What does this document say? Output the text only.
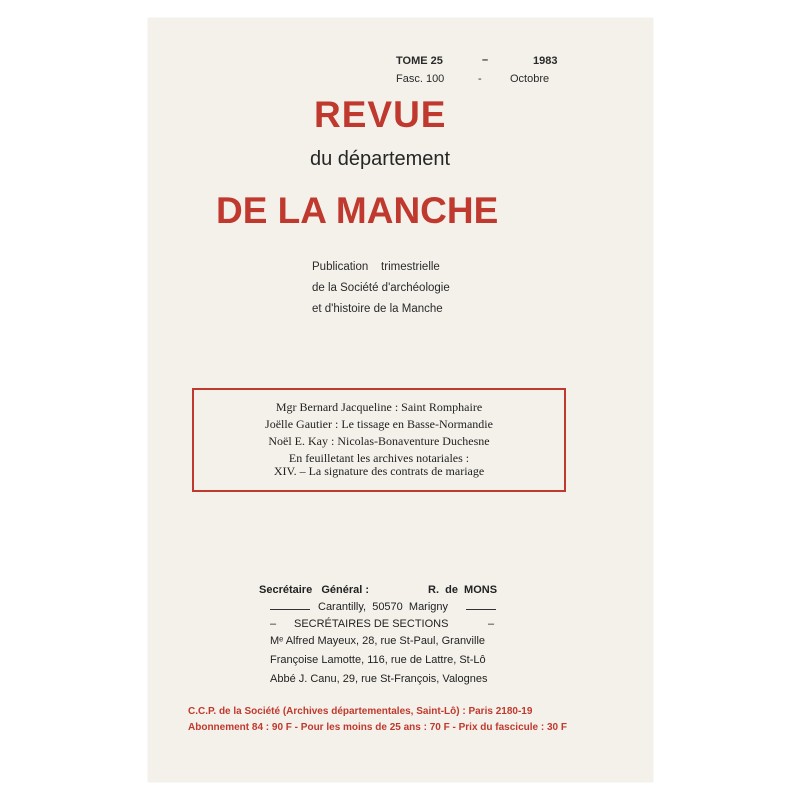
TOME 25	–	1983
Fasc. 100	-	Octobre
REVUE
du département
DE LA MANCHE
Publication    trimestrielle
de la Société d'archéologie
et d'histoire de la Manche
Mgr Bernard Jacqueline : Saint Romphaire
Joëlle Gautier : Le tissage en Basse-Normandie
Noël E. Kay : Nicolas-Bonaventure Duchesne
En feuilletant les archives notariales :
XIV. – La signature des contrats de mariage
Secrétaire   Général :	R.  de  MONS
Carantilly,  50570  Marigny
– SECRÉTAIRES DE SECTIONS	–
Mᵉ Alfred Mayeux, 28, rue St-Paul, Granville
Françoise Lamotte, 116, rue de Lattre, St-Lô
Abbé J. Canu, 29, rue St-François, Valognes
C.C.P. de la Société (Archives départementales, Saint-Lô) : Paris 2180-19
Abonnement 84 : 90 F - Pour les moins de 25 ans : 70 F - Prix du fascicule : 30 F
